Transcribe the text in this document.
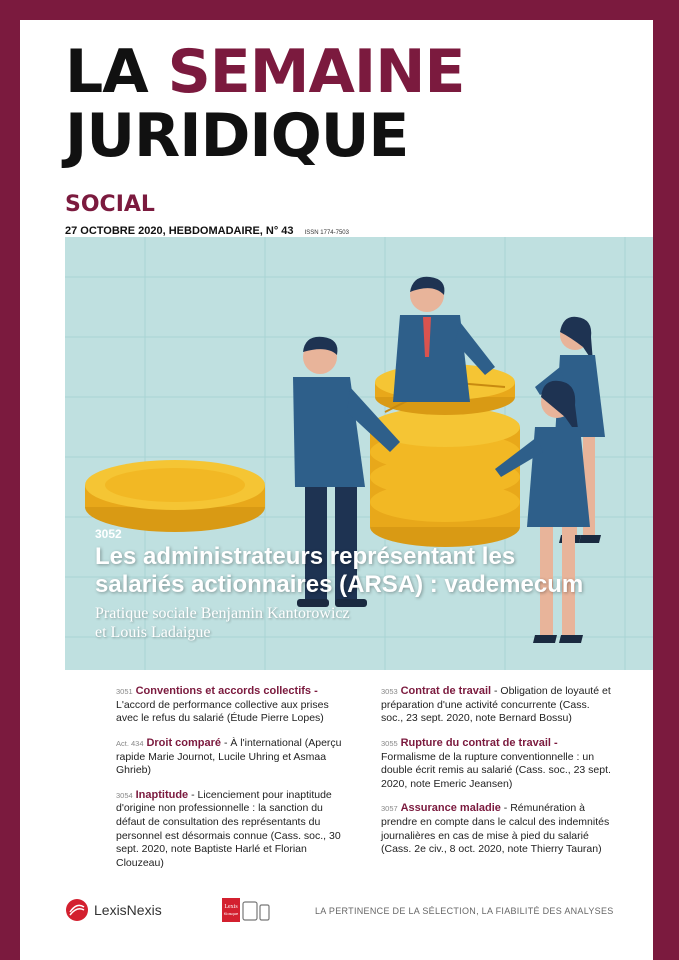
LA SEMAINE
JURIDIQUE
SOCIAL
27 OCTOBRE 2020, HEBDOMADAIRE, N° 43 ISSN 1774-7503
3052
Les administrateurs représentant les
salariés actionnaires (ARSA) : vademecum
Pratique sociale Benjamin Kantorowicz
et Louis Ladaigue
3051 Conventions et accords collectifs - L'accord de performance collective aux prises avec le refus du salarié (Étude Pierre Lopes)
Act. 434 Droit comparé - À l'international (Aperçu rapide Marie Journot, Lucile Uhring et Asmaa Ghrieb)
3054 Inaptitude - Licenciement pour inaptitude d'origine non professionnelle : la sanction du défaut de consultation des représentants du personnel est désormais connue (Cass. soc., 30 sept. 2020, note Baptiste Harlé et Florian Clouzeau)
3053 Contrat de travail - Obligation de loyauté et préparation d'une activité concurrente (Cass. soc., 23 sept. 2020, note Bernard Bossu)
3055 Rupture du contrat de travail - Formalisme de la rupture conventionnelle : un double écrit remis au salarié (Cass. soc., 23 sept. 2020, note Emeric Jeansen)
3057 Assurance maladie - Rémunération à prendre en compte dans le calcul des indemnités journalières en cas de mise à pied du salarié (Cass. 2e civ., 8 oct. 2020, note Thierry Tauran)
LexisNexis	Lexis
Kiosque	LA PERTINENCE DE LA SÉLECTION, LA FIABILITÉ DES ANALYSES
